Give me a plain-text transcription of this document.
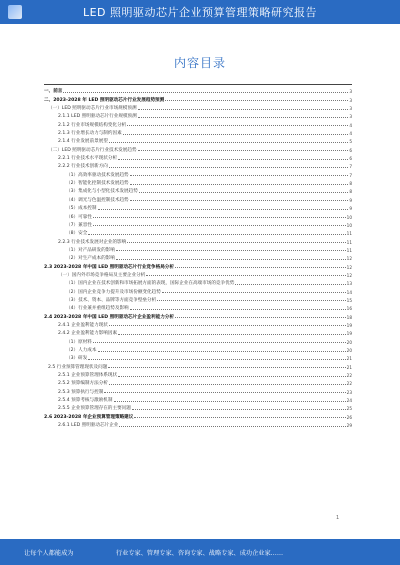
LED 照明驱动芯片企业预算管理策略研究报告
内容目录
一、前言	3
二、2023-2028 年 LED 照明驱动芯片行业发展趋势预测	3
（一）LED 照明驱动芯片行业市场规模预测	3
2.1.1 LED 照明驱动芯片行业规模预测	3
2.1.2 行业市场规模结构变化分析	4
2.1.3 行业增长动力与制约因素	4
2.1.4 行业发展前景展望	5
（二）LED 照明驱动芯片行业技术发展趋势	6
2.2.1 行业技术水平现状分析	6
2.2.2 行业技术创新方向	7
（1）高效率驱动技术发展趋势	7
（2）智能化控制技术发展趋势	8
（3）集成化与小型化技术发展趋势	8
（4）调光与色温控制技术趋势	9
（5）成本控制	9
（6）可靠性	10
（7）兼容性	10
（8）安全	11
2.2.3 行业技术发展对企业的影响	11
（1）对产品研发的影响	11
（2）对生产成本的影响	12
2.3 2023-2028 年中国 LED 照明驱动芯片行业竞争格局分析	12
（一）国内外市场竞争格局及主要企业分析	12
（1）国内企业在技术创新和市场拓展方面的表现，国际企业在高端市场的竞争优势	13
（2）国内企业竞争力提升及市场份额变化趋势	14
（3）技术、资本、品牌等方面竞争壁垒分析	15
（4）行业兼并重组趋势及影响	16
2.4 2023-2028 年中国 LED 照明驱动芯片企业盈利能力分析	18
2.4.1 企业盈利能力现状	19
2.4.2 企业盈利能力影响因素	19
（1）原材料	20
（2）人力成本	20
（3）研发	21
2.5 行业预算管理现状及问题	21
2.5.1 企业预算管理体系现状	22
2.5.2 预算编制方法分析	22
2.5.3 预算执行与控制	23
2.5.4 预算考核与激励机制	24
2.5.5 企业预算管理存在的主要问题	25
2.6 2023-2028 年企业预算管理策略建议	26
2.6.1 LED 照明驱动芯片企业	29
1
让每个人都能成为	行业专家、管理专家、咨询专家、战略专家、成功企业家……
